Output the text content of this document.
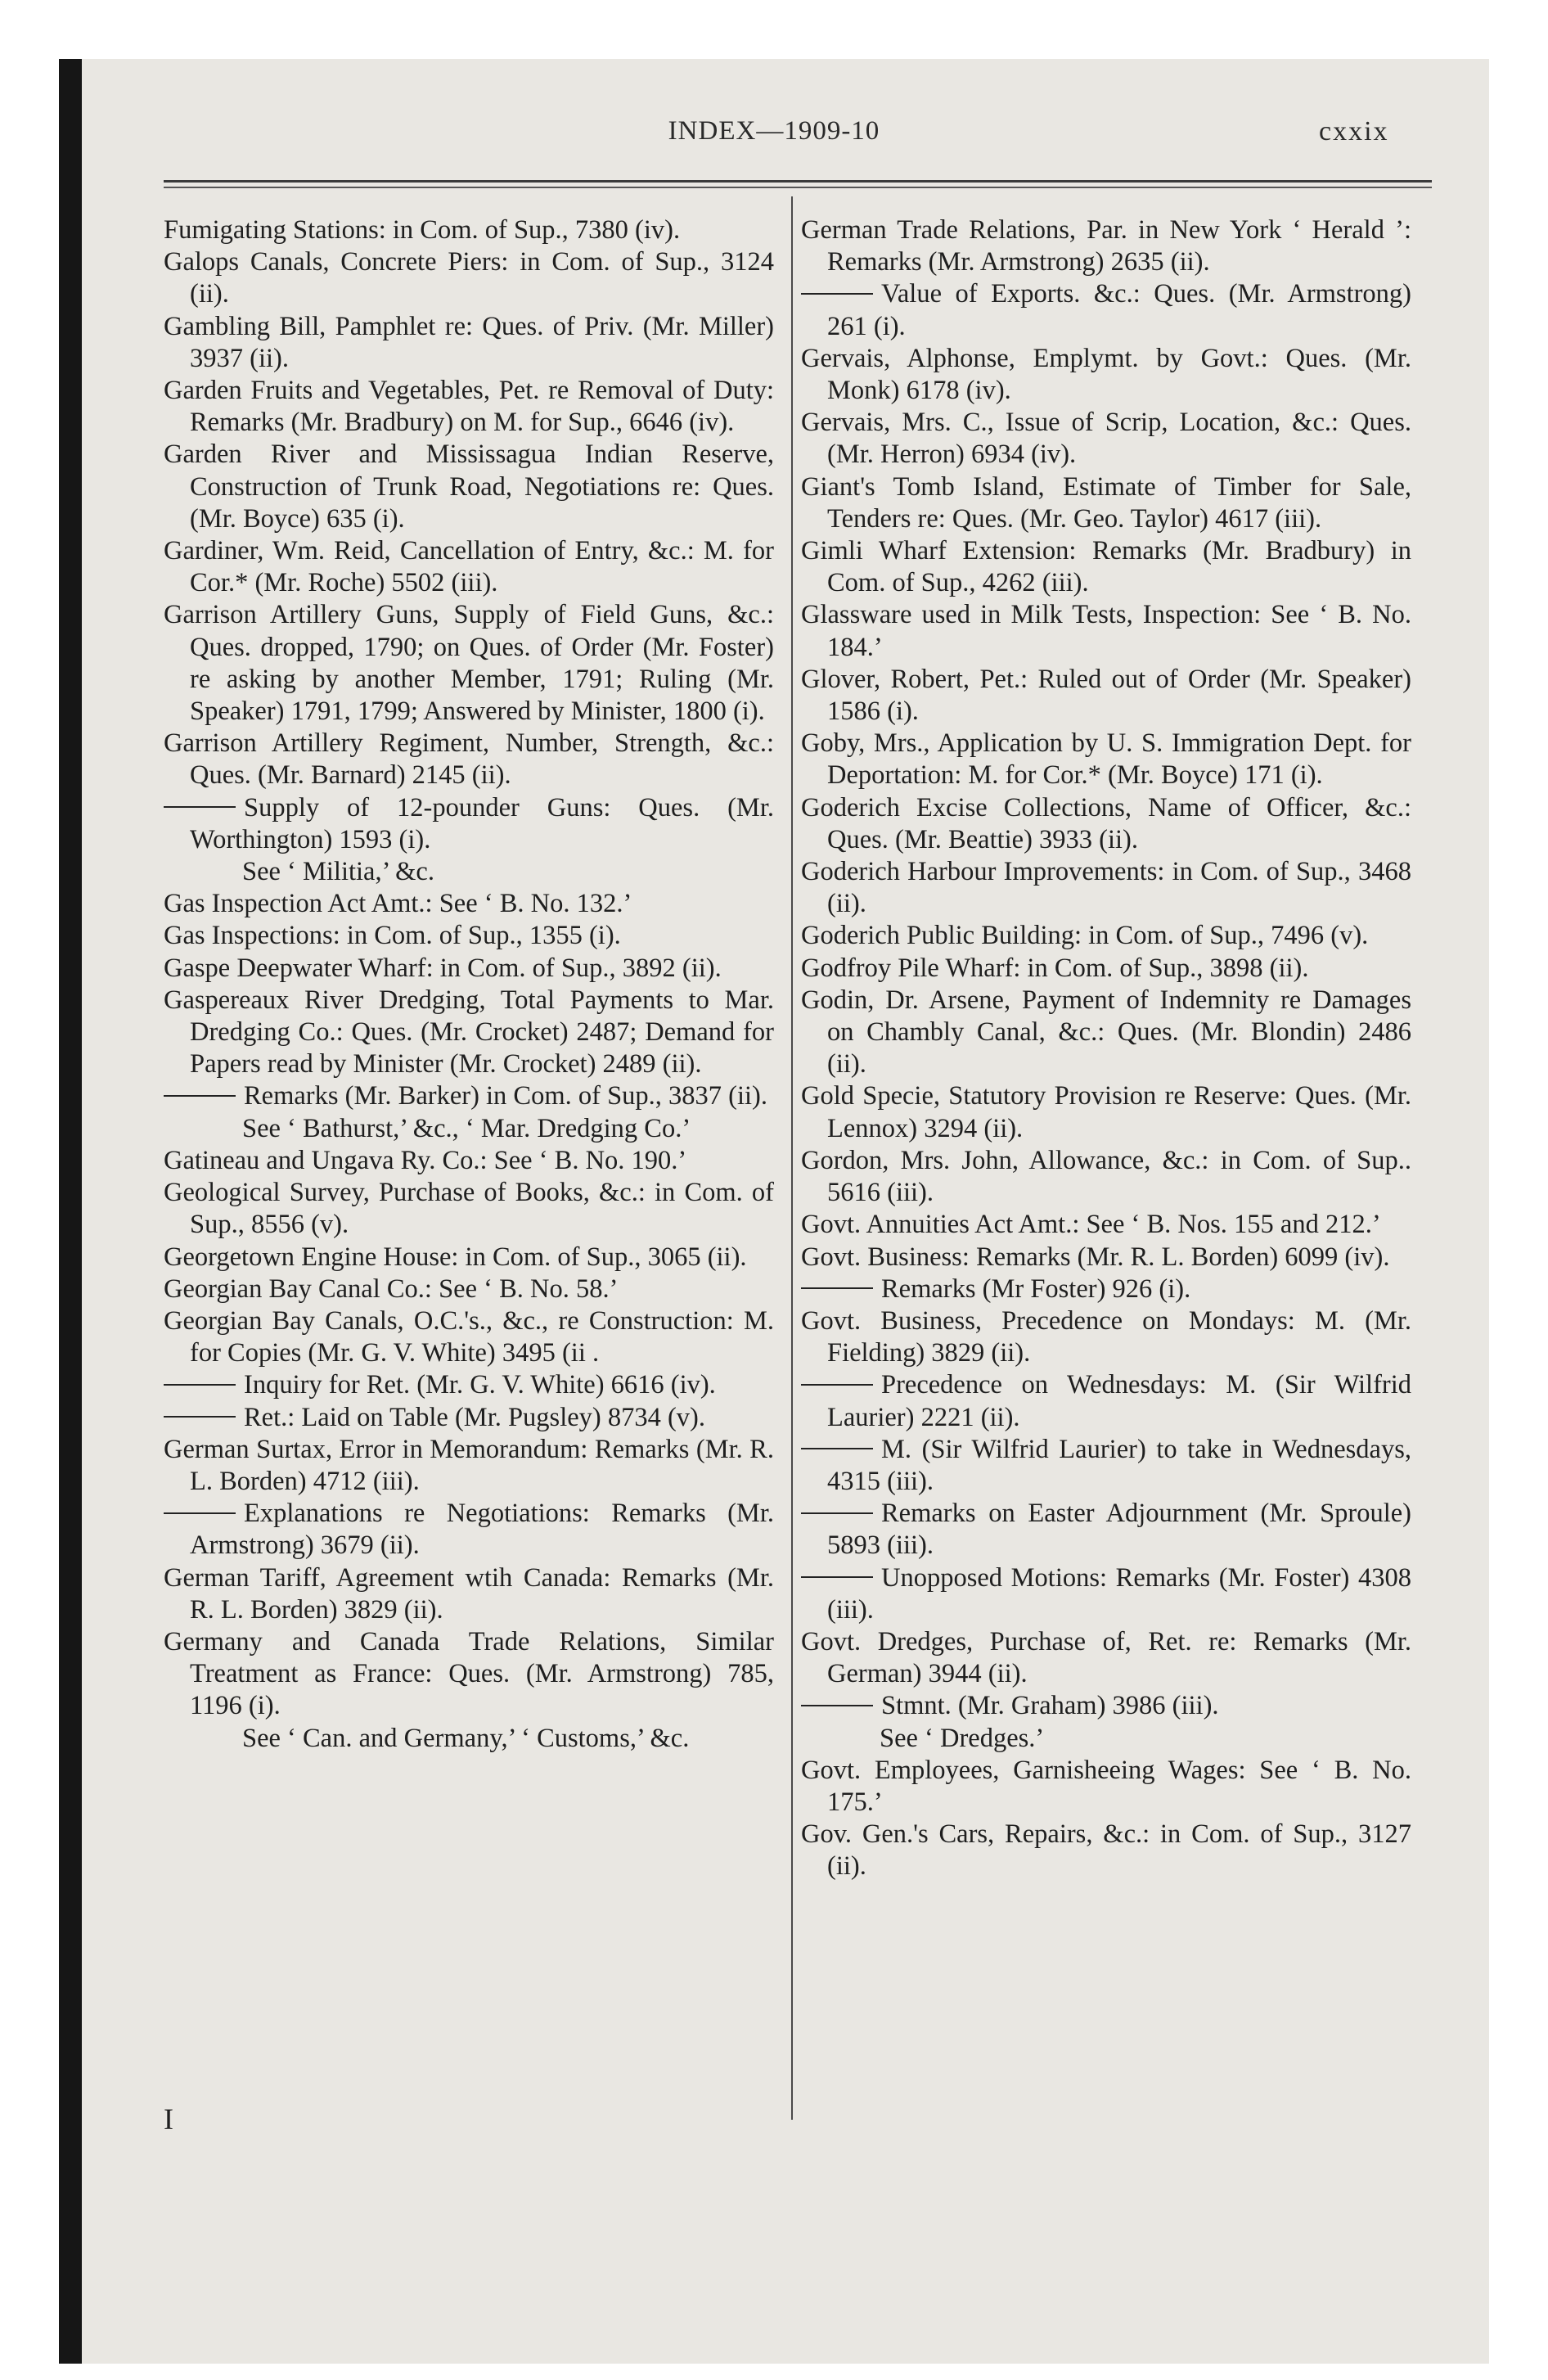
INDEX—1909-10	cxxix
Fumigating Stations: in Com. of Sup., 7380 (iv).
Galops Canals, Concrete Piers: in Com. of Sup., 3124 (ii).
Gambling Bill, Pamphlet re: Ques. of Priv. (Mr. Miller) 3937 (ii).
Garden Fruits and Vegetables, Pet. re Removal of Duty: Remarks (Mr. Bradbury) on M. for Sup., 6646 (iv).
Garden River and Mississagua Indian Reserve, Construction of Trunk Road, Negotiations re: Ques. (Mr. Boyce) 635 (i).
Gardiner, Wm. Reid, Cancellation of Entry, &c.: M. for Cor.* (Mr. Roche) 5502 (iii).
Garrison Artillery Guns, Supply of Field Guns, &c.: Ques. dropped, 1790; on Ques. of Order (Mr. Foster) re asking by another Member, 1791; Ruling (Mr. Speaker) 1791, 1799; Answered by Minister, 1800 (i).
Garrison Artillery Regiment, Number, Strength, &c.: Ques. (Mr. Barnard) 2145 (ii).
Supply of 12-pounder Guns: Ques. (Mr. Worthington) 1593 (i).
See ‘ Militia,’ &c.
Gas Inspection Act Amt.: See ‘ B. No. 132.’
Gas Inspections: in Com. of Sup., 1355 (i).
Gaspe Deepwater Wharf: in Com. of Sup., 3892 (ii).
Gaspereaux River Dredging, Total Payments to Mar. Dredging Co.: Ques. (Mr. Crocket) 2487; Demand for Papers read by Minister (Mr. Crocket) 2489 (ii).
Remarks (Mr. Barker) in Com. of Sup., 3837 (ii).
See ‘ Bathurst,’ &c., ‘ Mar. Dredging Co.’
Gatineau and Ungava Ry. Co.: See ‘ B. No. 190.’
Geological Survey, Purchase of Books, &c.: in Com. of Sup., 8556 (v).
Georgetown Engine House: in Com. of Sup., 3065 (ii).
Georgian Bay Canal Co.: See ‘ B. No. 58.’
Georgian Bay Canals, O.C.'s., &c., re Construction: M. for Copies (Mr. G. V. White) 3495 (ii .
Inquiry for Ret. (Mr. G. V. White) 6616 (iv).
Ret.: Laid on Table (Mr. Pugsley) 8734 (v).
German Surtax, Error in Memorandum: Remarks (Mr. R. L. Borden) 4712 (iii).
Explanations re Negotiations: Remarks (Mr. Armstrong) 3679 (ii).
German Tariff, Agreement wtih Canada: Remarks (Mr. R. L. Borden) 3829 (ii).
Germany and Canada Trade Relations, Similar Treatment as France: Ques. (Mr. Armstrong) 785, 1196 (i).
See ‘ Can. and Germany,’ ‘ Customs,’ &c.
German Trade Relations, Par. in New York ‘ Herald ’: Remarks (Mr. Armstrong) 2635 (ii).
Value of Exports. &c.: Ques. (Mr. Armstrong) 261 (i).
Gervais, Alphonse, Emplymt. by Govt.: Ques. (Mr. Monk) 6178 (iv).
Gervais, Mrs. C., Issue of Scrip, Location, &c.: Ques. (Mr. Herron) 6934 (iv).
Giant's Tomb Island, Estimate of Timber for Sale, Tenders re: Ques. (Mr. Geo. Taylor) 4617 (iii).
Gimli Wharf Extension: Remarks (Mr. Bradbury) in Com. of Sup., 4262 (iii).
Glassware used in Milk Tests, Inspection: See ‘ B. No. 184.’
Glover, Robert, Pet.: Ruled out of Order (Mr. Speaker) 1586 (i).
Goby, Mrs., Application by U. S. Immigration Dept. for Deportation: M. for Cor.* (Mr. Boyce) 171 (i).
Goderich Excise Collections, Name of Officer, &c.: Ques. (Mr. Beattie) 3933 (ii).
Goderich Harbour Improvements: in Com. of Sup., 3468 (ii).
Goderich Public Building: in Com. of Sup., 7496 (v).
Godfroy Pile Wharf: in Com. of Sup., 3898 (ii).
Godin, Dr. Arsene, Payment of Indemnity re Damages on Chambly Canal, &c.: Ques. (Mr. Blondin) 2486 (ii).
Gold Specie, Statutory Provision re Reserve: Ques. (Mr. Lennox) 3294 (ii).
Gordon, Mrs. John, Allowance, &c.: in Com. of Sup.. 5616 (iii).
Govt. Annuities Act Amt.: See ‘ B. Nos. 155 and 212.’
Govt. Business: Remarks (Mr. R. L. Borden) 6099 (iv).
Remarks (Mr Foster) 926 (i).
Govt. Business, Precedence on Mondays: M. (Mr. Fielding) 3829 (ii).
Precedence on Wednesdays: M. (Sir Wilfrid Laurier) 2221 (ii).
M. (Sir Wilfrid Laurier) to take in Wednesdays, 4315 (iii).
Remarks on Easter Adjournment (Mr. Sproule) 5893 (iii).
Unopposed Motions: Remarks (Mr. Foster) 4308 (iii).
Govt. Dredges, Purchase of, Ret. re: Remarks (Mr. German) 3944 (ii).
Stmnt. (Mr. Graham) 3986 (iii).
See ‘ Dredges.’
Govt. Employees, Garnisheeing Wages: See ‘ B. No. 175.’
Gov. Gen.'s Cars, Repairs, &c.: in Com. of Sup., 3127 (ii).
I
